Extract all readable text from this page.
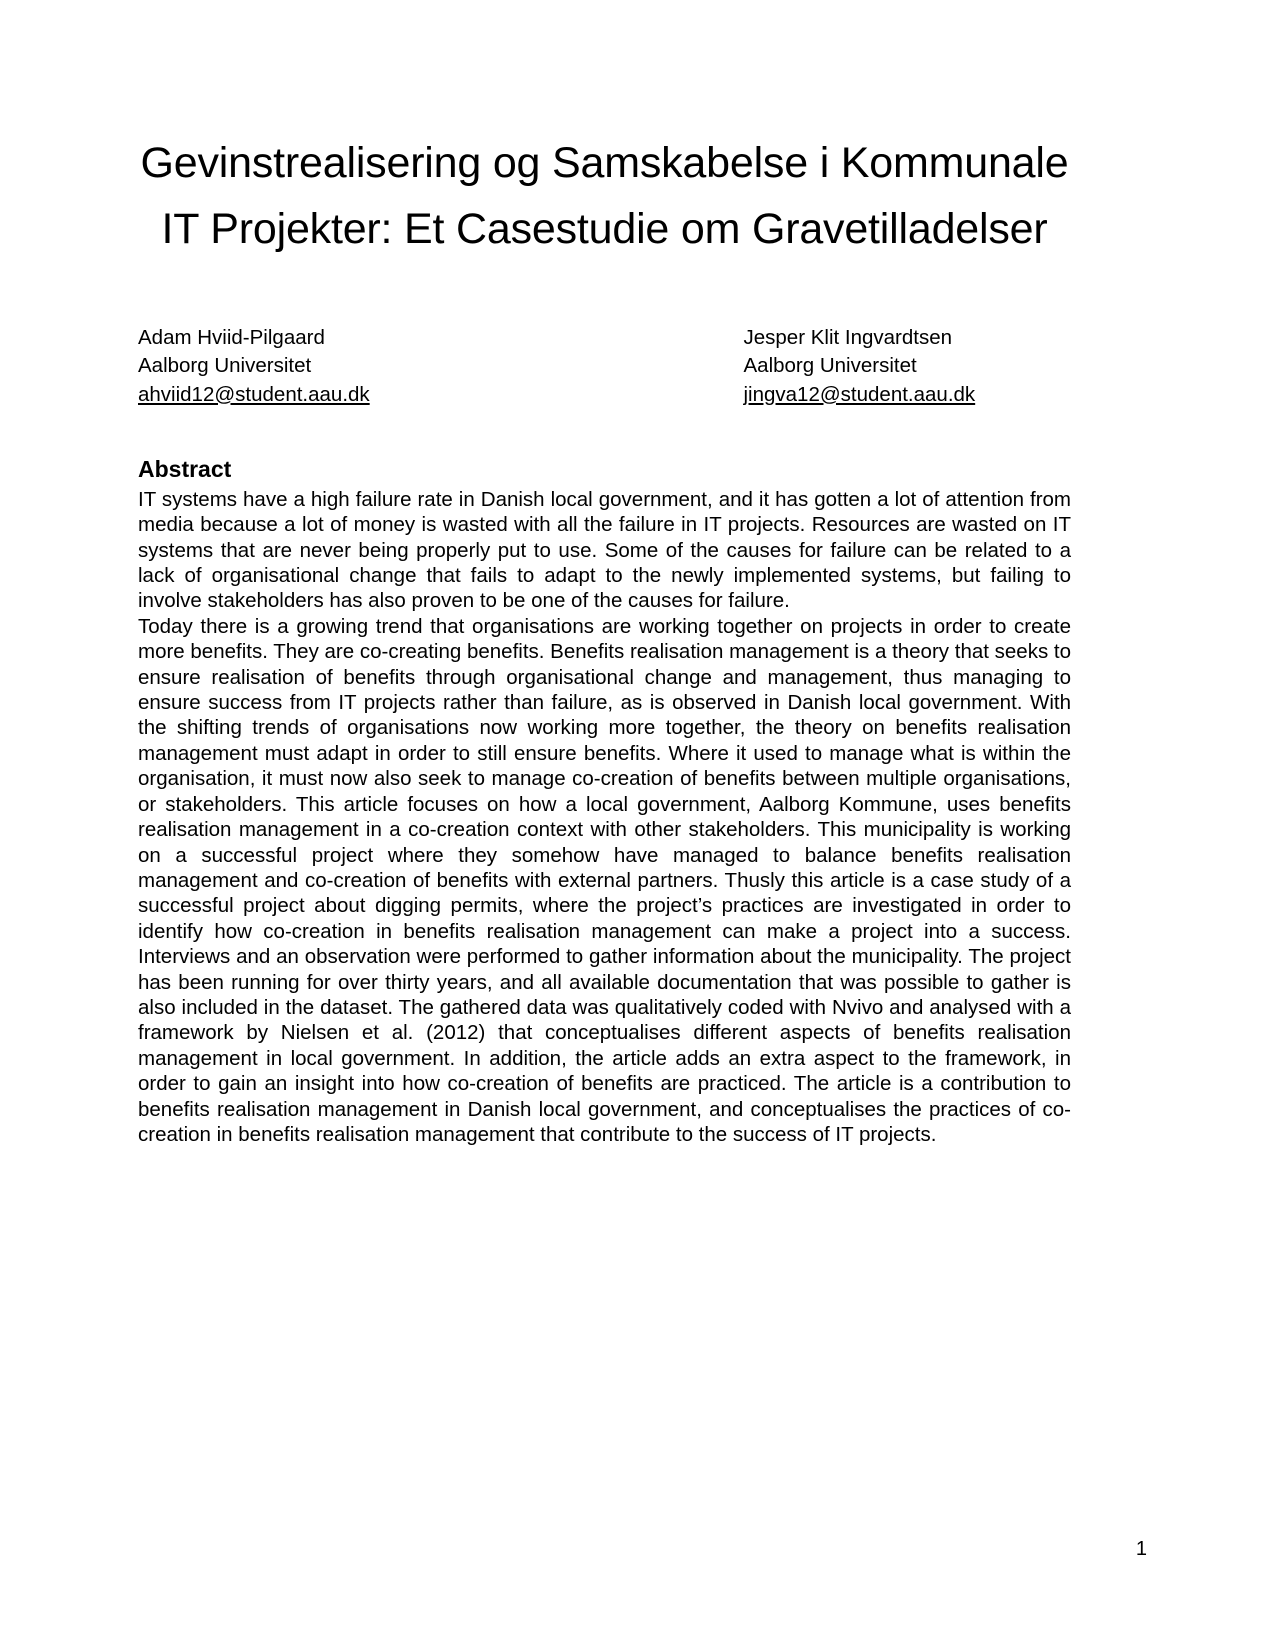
Gevinstrealisering og Samskabelse i Kommunale IT Projekter: Et Casestudie om Gravetilladelser
Adam Hviid-Pilgaard	Jesper Klit Ingvardtsen
Aalborg Universitet	Aalborg Universitet
ahviid12@student.aau.dk	jingva12@student.aau.dk
Abstract

IT systems have a high failure rate in Danish local government, and it has gotten a lot of attention from media because a lot of money is wasted with all the failure in IT projects. Resources are wasted on IT systems that are never being properly put to use. Some of the causes for failure can be related to a lack of organisational change that fails to adapt to the newly implemented systems, but failing to involve stakeholders has also proven to be one of the causes for failure.

Today there is a growing trend that organisations are working together on projects in order to create more benefits. They are co-creating benefits. Benefits realisation management is a theory that seeks to ensure realisation of benefits through organisational change and management, thus managing to ensure success from IT projects rather than failure, as is observed in Danish local government. With the shifting trends of organisations now working more together, the theory on benefits realisation management must adapt in order to still ensure benefits. Where it used to manage what is within the organisation, it must now also seek to manage co-creation of benefits between multiple organisations, or stakeholders. This article focuses on how a local government, Aalborg Kommune, uses benefits realisation management in a co-creation context with other stakeholders. This municipality is working on a successful project where they somehow have managed to balance benefits realisation management and co-creation of benefits with external partners. Thusly this article is a case study of a successful project about digging permits, where the project’s practices are investigated in order to identify how co-creation in benefits realisation management can make a project into a success. Interviews and an observation were performed to gather information about the municipality. The project has been running for over thirty years, and all available documentation that was possible to gather is also included in the dataset. The gathered data was qualitatively coded with Nvivo and analysed with a framework by Nielsen et al. (2012) that conceptualises different aspects of benefits realisation management in local government. In addition, the article adds an extra aspect to the framework, in order to gain an insight into how co-creation of benefits are practiced. The article is a contribution to benefits realisation management in Danish local government, and conceptualises the practices of co-creation in benefits realisation management that contribute to the success of IT projects.

1
